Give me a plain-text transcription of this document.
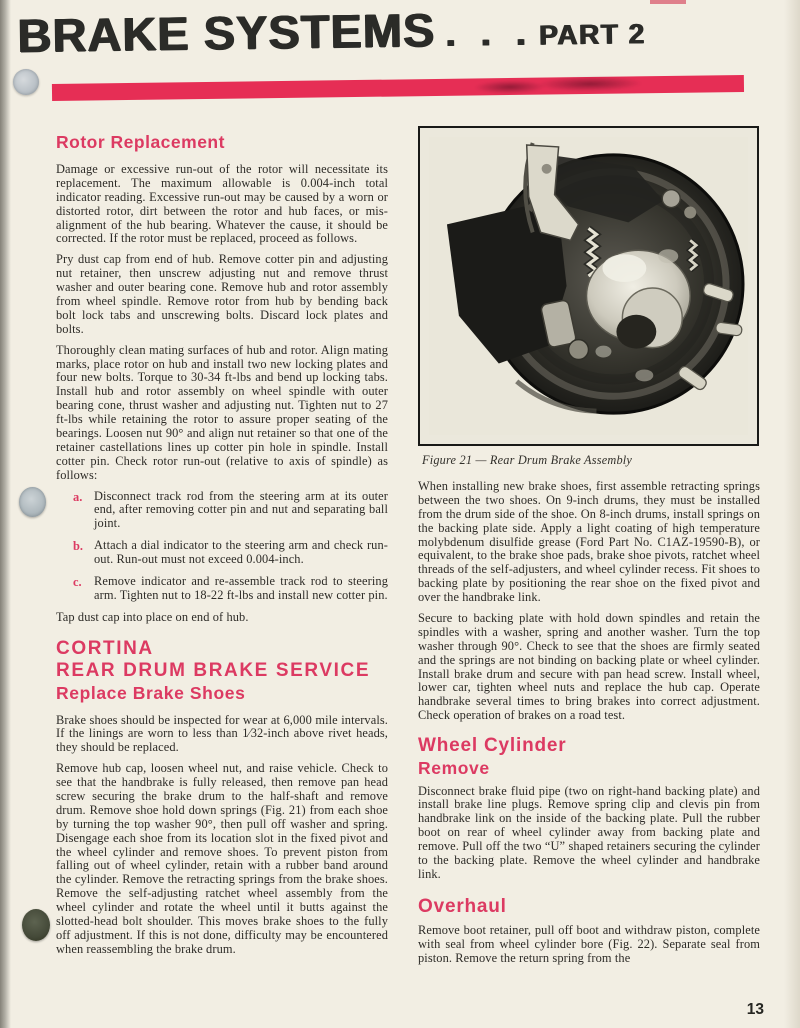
BRAKE SYSTEMS . . . PART 2
Rotor Replacement

Damage or excessive run-out of the rotor will necessitate its replacement. The maximum allowable is 0.004-inch total indicator reading. Excessive run-out may be caused by a worn or distorted rotor, dirt between the rotor and hub faces, or mis-alignment of the hub bearing. Whatever the cause, it should be corrected. If the rotor must be replaced, proceed as follows.

Pry dust cap from end of hub. Remove cotter pin and adjusting nut retainer, then unscrew adjusting nut and remove thrust washer and outer bearing cone. Remove hub and rotor assembly from wheel spindle. Remove rotor from hub by bending back bolt lock tabs and unscrewing bolts. Discard lock plates and bolts.

Thoroughly clean mating surfaces of hub and rotor. Align mating marks, place rotor on hub and install two new locking plates and four new bolts. Torque to 30-34 ft-lbs and bend up locking tabs. Install hub and rotor assembly on wheel spindle with outer bearing cone, thrust washer and adjusting nut. Tighten nut to 27 ft-lbs while retaining the rotor to assure proper seating of the bearings. Loosen nut 90° and align nut retainer so that one of the retainer castellations lines up cotter pin hole in spindle. Install cotter pin. Check rotor run-out (relative to axis of spindle) as follows:

a. Disconnect track rod from the steering arm at its outer end, after removing cotter pin and nut and separating ball joint.
b. Attach a dial indicator to the steering arm and check run-out. Run-out must not exceed 0.004-inch.
c. Remove indicator and re-assemble track rod to steering arm. Tighten nut to 18-22 ft-lbs and install new cotter pin.

Tap dust cap into place on end of hub.

CORTINA
REAR DRUM BRAKE SERVICE
Replace Brake Shoes

Brake shoes should be inspected for wear at 6,000 mile intervals. If the linings are worn to less than 1⁄32-inch above rivet heads, they should be replaced.

Remove hub cap, loosen wheel nut, and raise vehicle. Check to see that the handbrake is fully released, then remove pan head screw securing the brake drum to the half-shaft and remove drum. Remove shoe hold down springs (Fig. 21) from each shoe by turning the top washer 90°, then pull off washer and spring. Disengage each shoe from its location slot in the fixed pivot and the wheel cylinder and remove shoes. To prevent piston from falling out of wheel cylinder, retain with a rubber band around the cylinder. Remove the retracting springs from the brake shoes. Remove the self-adjusting ratchet wheel assembly from the wheel cylinder and rotate the wheel until it butts against the slotted-head bolt shoulder. This moves brake shoes to the fully off adjustment. If this is not done, difficulty may be encountered when reassembling the brake drum.

Figure 21 — Rear Drum Brake Assembly

When installing new brake shoes, first assemble retracting springs between the two shoes. On 9-inch drums, they must be installed from the drum side of the shoe. On 8-inch drums, install springs on the backing plate side. Apply a light coating of high temperature molybdenum disulfide grease (Ford Part No. C1AZ-19590-B), or equivalent, to the brake shoe pads, brake shoe pivots, ratchet wheel threads of the self-adjusters, and wheel cylinder recess. Fit shoes to backing plate by positioning the rear shoe on the fixed pivot and over the handbrake link.

Secure to backing plate with hold down spindles and retain the spindles with a washer, spring and another washer. Turn the top washer through 90°. Check to see that the shoes are firmly seated and the springs are not binding on backing plate or wheel cylinder. Install brake drum and secure with pan head screw. Install wheel, lower car, tighten wheel nuts and replace the hub cap. Operate handbrake several times to bring brakes into correct adjustment. Check operation of brakes on a road test.

Wheel Cylinder
Remove

Disconnect brake fluid pipe (two on right-hand backing plate) and install brake line plugs. Remove spring clip and clevis pin from handbrake link on the inside of the backing plate. Pull the rubber boot on rear of wheel cylinder away from backing plate and remove. Pull off the two “U” shaped retainers securing the cylinder to the backing plate. Remove the wheel cylinder and handbrake link.

Overhaul

Remove boot retainer, pull off boot and withdraw piston, complete with seal from wheel cylinder bore (Fig. 22). Separate seal from piston. Remove the return spring from the

13
